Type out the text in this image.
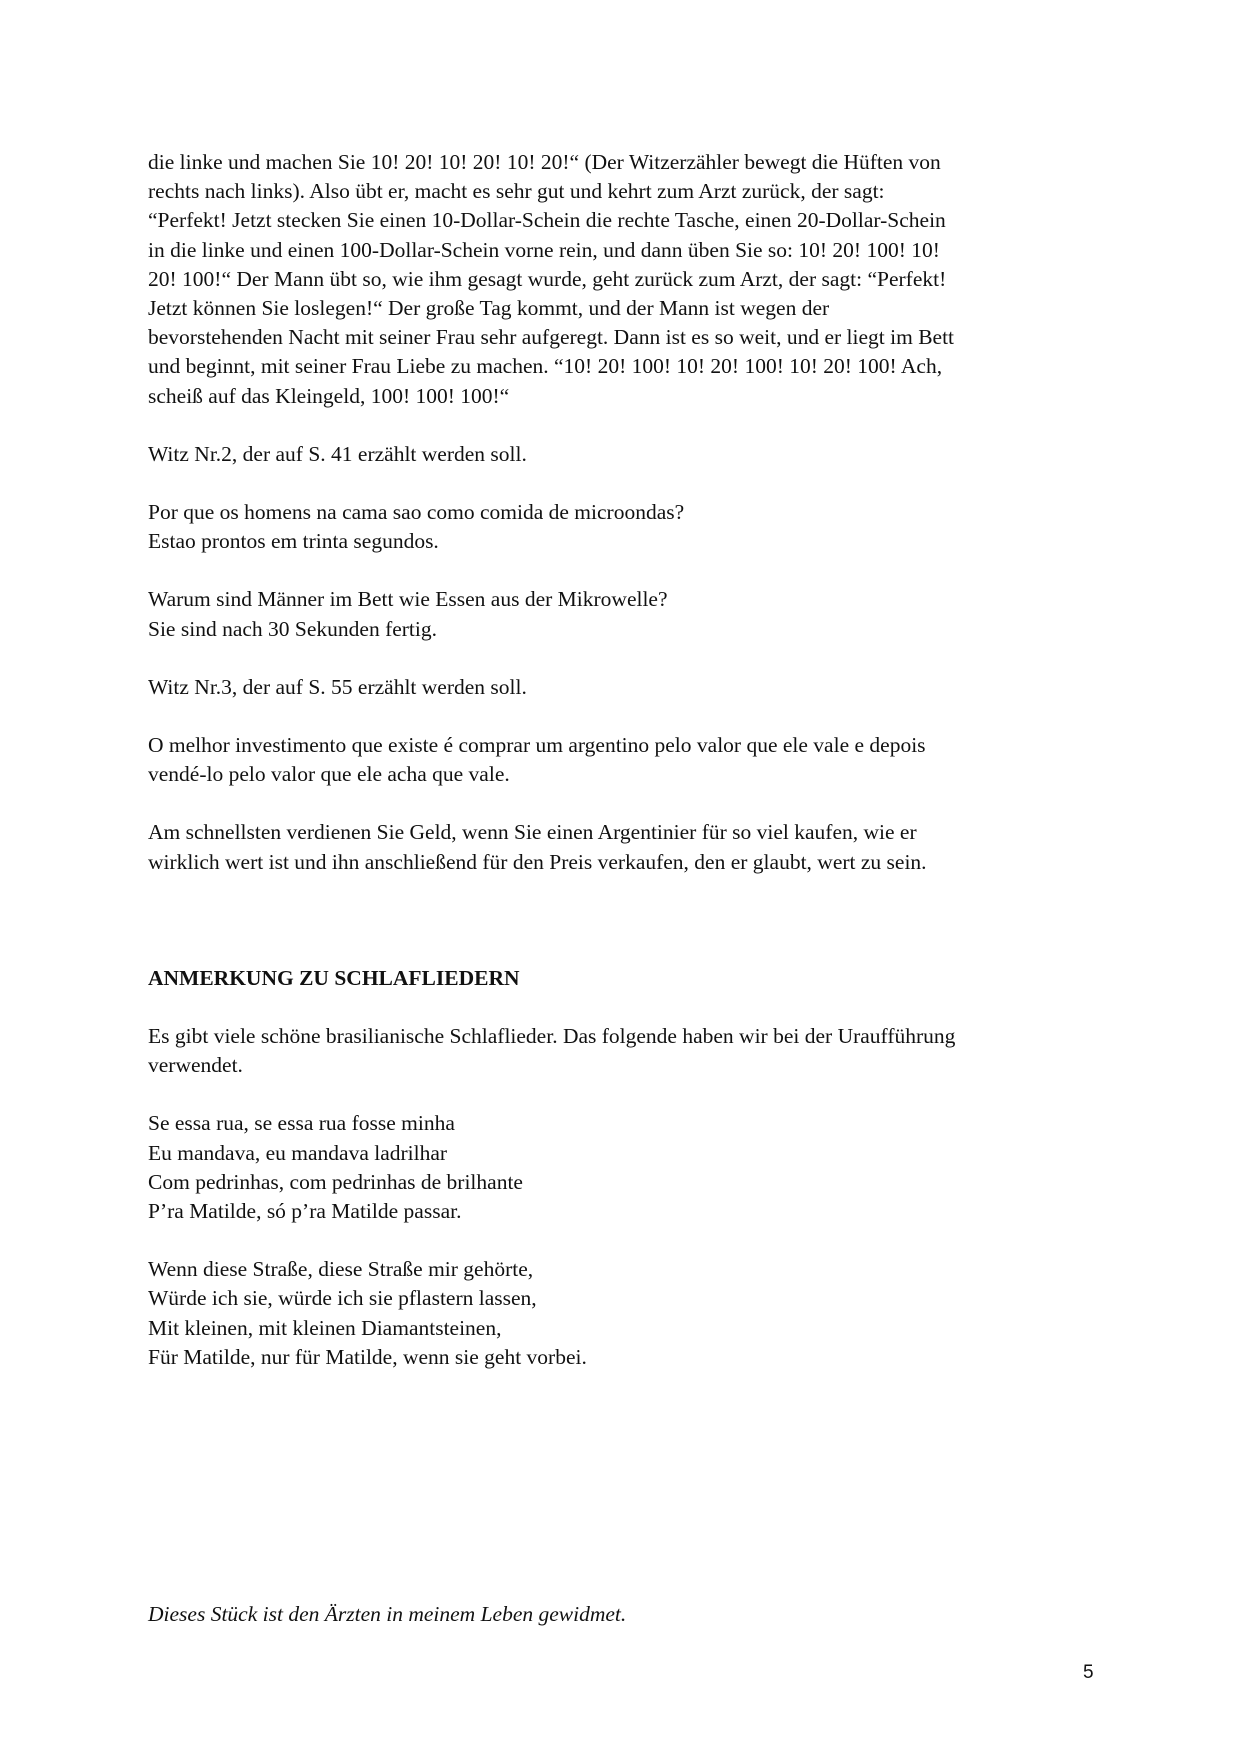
die linke und machen Sie 10! 20! 10! 20! 10! 20!“ (Der Witzerzähler bewegt die Hüften von
rechts nach links). Also übt er, macht es sehr gut und kehrt zum Arzt zurück, der sagt:
“Perfekt! Jetzt stecken Sie einen 10-Dollar-Schein die rechte Tasche, einen 20-Dollar-Schein
in die linke und einen 100-Dollar-Schein vorne rein, und dann üben Sie so: 10! 20! 100! 10!
20! 100!“ Der Mann übt so, wie ihm gesagt wurde, geht zurück zum Arzt, der sagt: “Perfekt!
Jetzt können Sie loslegen!“ Der große Tag kommt, und der Mann ist wegen der
bevorstehenden Nacht mit seiner Frau sehr aufgeregt. Dann ist es so weit, und er liegt im Bett
und beginnt, mit seiner Frau Liebe zu machen. “10! 20! 100! 10! 20! 100! 10! 20! 100! Ach,
scheiß auf das Kleingeld, 100! 100! 100!“
Witz Nr.2, der auf S. 41 erzählt werden soll.
Por que os homens na cama sao como comida de microondas?
Estao prontos em trinta segundos.
Warum sind Männer im Bett wie Essen aus der Mikrowelle?
Sie sind nach 30 Sekunden fertig.
Witz Nr.3, der auf S. 55 erzählt werden soll.
O melhor investimento que existe é comprar um argentino pelo valor que ele vale e depois
vendé-lo pelo valor que ele acha que vale.
Am schnellsten verdienen Sie Geld, wenn Sie einen Argentinier für so viel kaufen, wie er
wirklich wert ist und ihn anschließend für den Preis verkaufen, den er glaubt, wert zu sein.
ANMERKUNG ZU SCHLAFLIEDERN
Es gibt viele schöne brasilianische Schlaflieder. Das folgende haben wir bei der Uraufführung
verwendet.
Se essa rua, se essa rua fosse minha
Eu mandava, eu mandava ladrilhar
Com pedrinhas, com pedrinhas de brilhante
P’ra Matilde, só p’ra Matilde passar.
Wenn diese Straße, diese Straße mir gehörte,
Würde ich sie, würde ich sie pflastern lassen,
Mit kleinen, mit kleinen Diamantsteinen,
Für Matilde, nur für Matilde, wenn sie geht vorbei.
Dieses Stück ist den Ärzten in meinem Leben gewidmet.
5
